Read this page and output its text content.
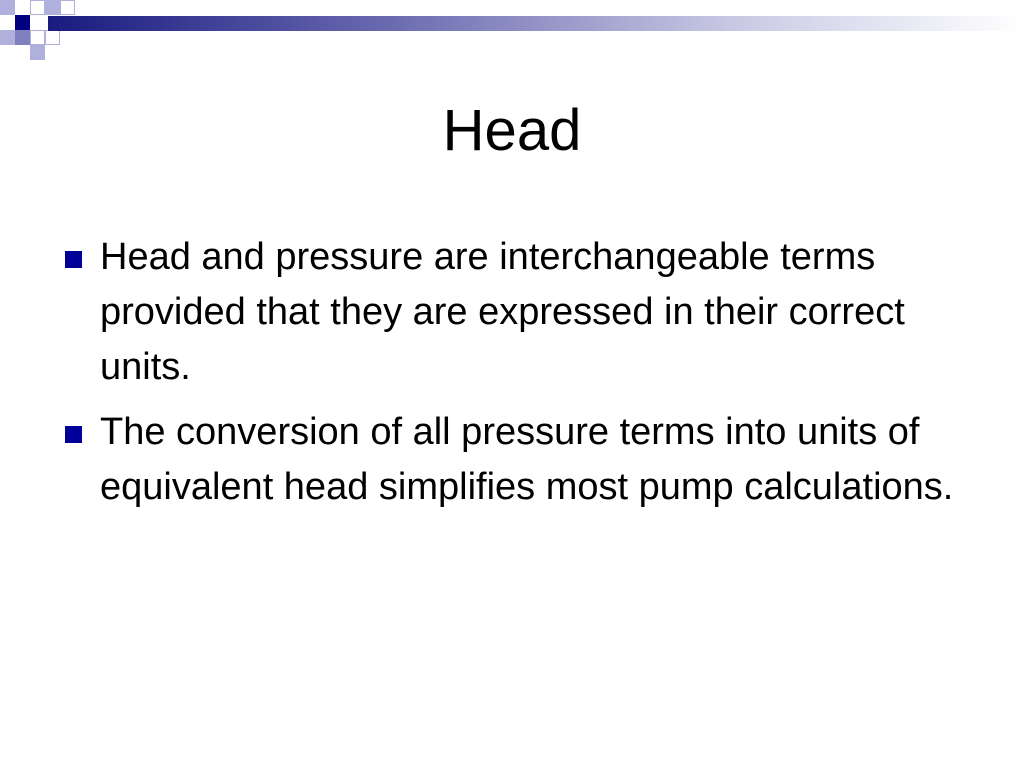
Head
Head and pressure are interchangeable terms provided that they are expressed in their correct units.
The conversion of all pressure terms into units of equivalent head simplifies most pump calculations.
